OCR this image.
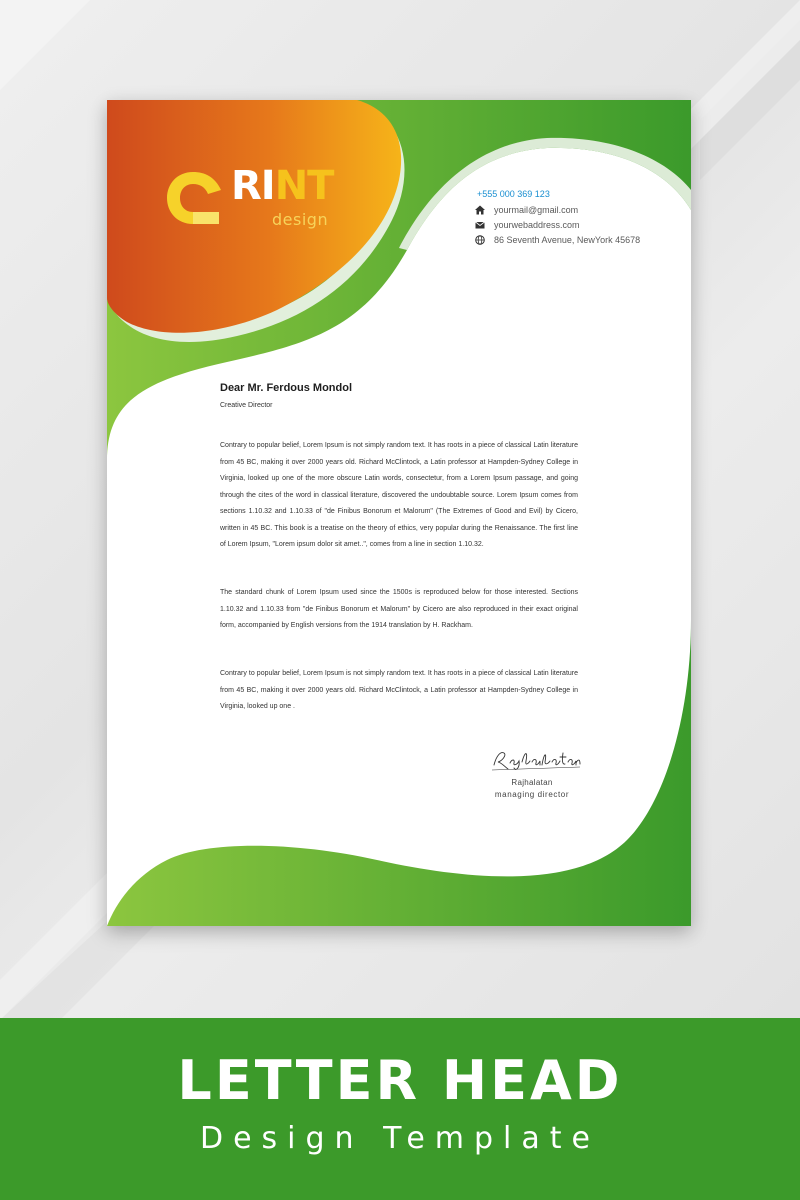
RINT
design
+555 000 369 123
yourmail@gmail.com
yourwebaddress.com
86 Seventh Avenue, NewYork 45678
Dear Mr. Ferdous Mondol
Creative Director

Contrary to popular belief, Lorem Ipsum is not simply random text. It has roots in a piece of classical Latin literature from 45 BC, making it over 2000 years old. Richard McClintock, a Latin professor at Hampden-Sydney College in Virginia, looked up one of the more obscure Latin words, consectetur, from a Lorem Ipsum passage, and going through the cites of the word in classical literature, discovered the undoubtable source. Lorem Ipsum comes from sections 1.10.32 and 1.10.33 of "de Finibus Bonorum et Malorum" (The Extremes of Good and Evil) by Cicero, written in 45 BC. This book is a treatise on the theory of ethics, very popular during the Renaissance. The first line of Lorem Ipsum, "Lorem ipsum dolor sit amet..", comes from a line in section 1.10.32.

The standard chunk of Lorem Ipsum used since the 1500s is reproduced below for those interested. Sections 1.10.32 and 1.10.33 from "de Finibus Bonorum et Malorum" by Cicero are also reproduced in their exact original form, accompanied by English versions from the 1914 translation by H. Rackham.

Contrary to popular belief, Lorem Ipsum is not simply random text. It has roots in a piece of classical Latin literature from 45 BC, making it over 2000 years old. Richard McClintock, a Latin professor at Hampden-Sydney College in Virginia, looked up one .

Rajhalatan
managing director
LETTER HEAD
Design Template
